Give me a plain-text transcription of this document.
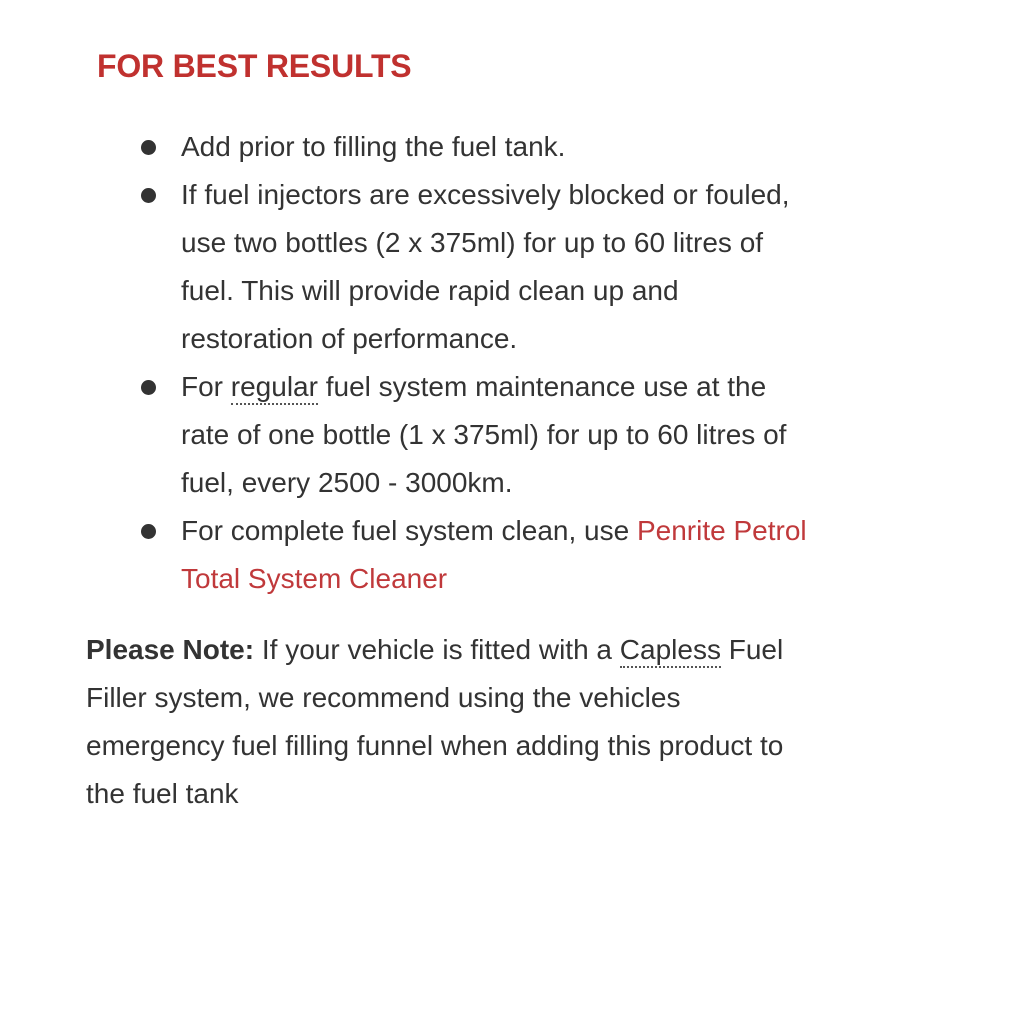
FOR BEST RESULTS
Add prior to filling the fuel tank.
If fuel injectors are excessively blocked or fouled,
use two bottles (2 x 375ml) for up to 60 litres of
fuel. This will provide rapid clean up and
restoration of performance.
For regular fuel system maintenance use at the
rate of one bottle (1 x 375ml) for up to 60 litres of
fuel, every 2500 - 3000km.
For complete fuel system clean, use Penrite Petrol
Total System Cleaner

Please Note: If your vehicle is fitted with a Capless Fuel
Filler system, we recommend using the vehicles
emergency fuel filling funnel when adding this product to
the fuel tank
